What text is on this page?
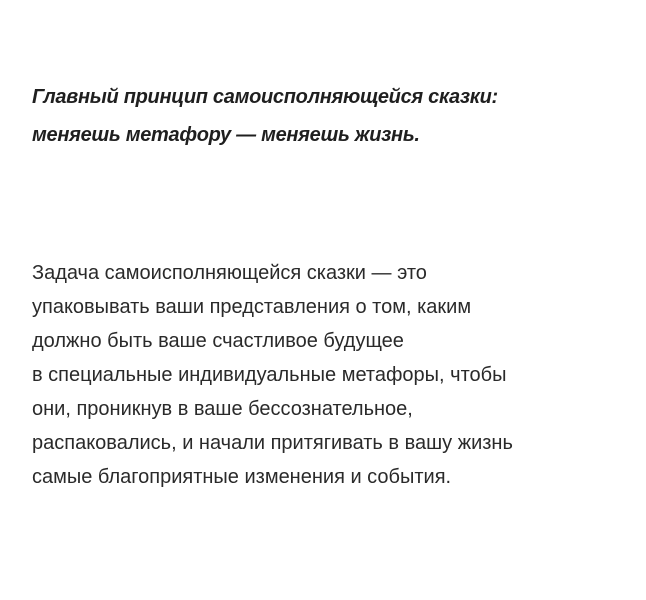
Главный принцип самоисполняющейся сказки:
меняешь метафору — меняешь жизнь.

Задача самоисполняющейся сказки — это
упаковывать ваши представления о том, каким
должно быть ваше счастливое будущее
в специальные индивидуальные метафоры, чтобы
они, проникнув в ваше бессознательное,
распаковались, и начали притягивать в вашу жизнь
самые благоприятные изменения и события.
